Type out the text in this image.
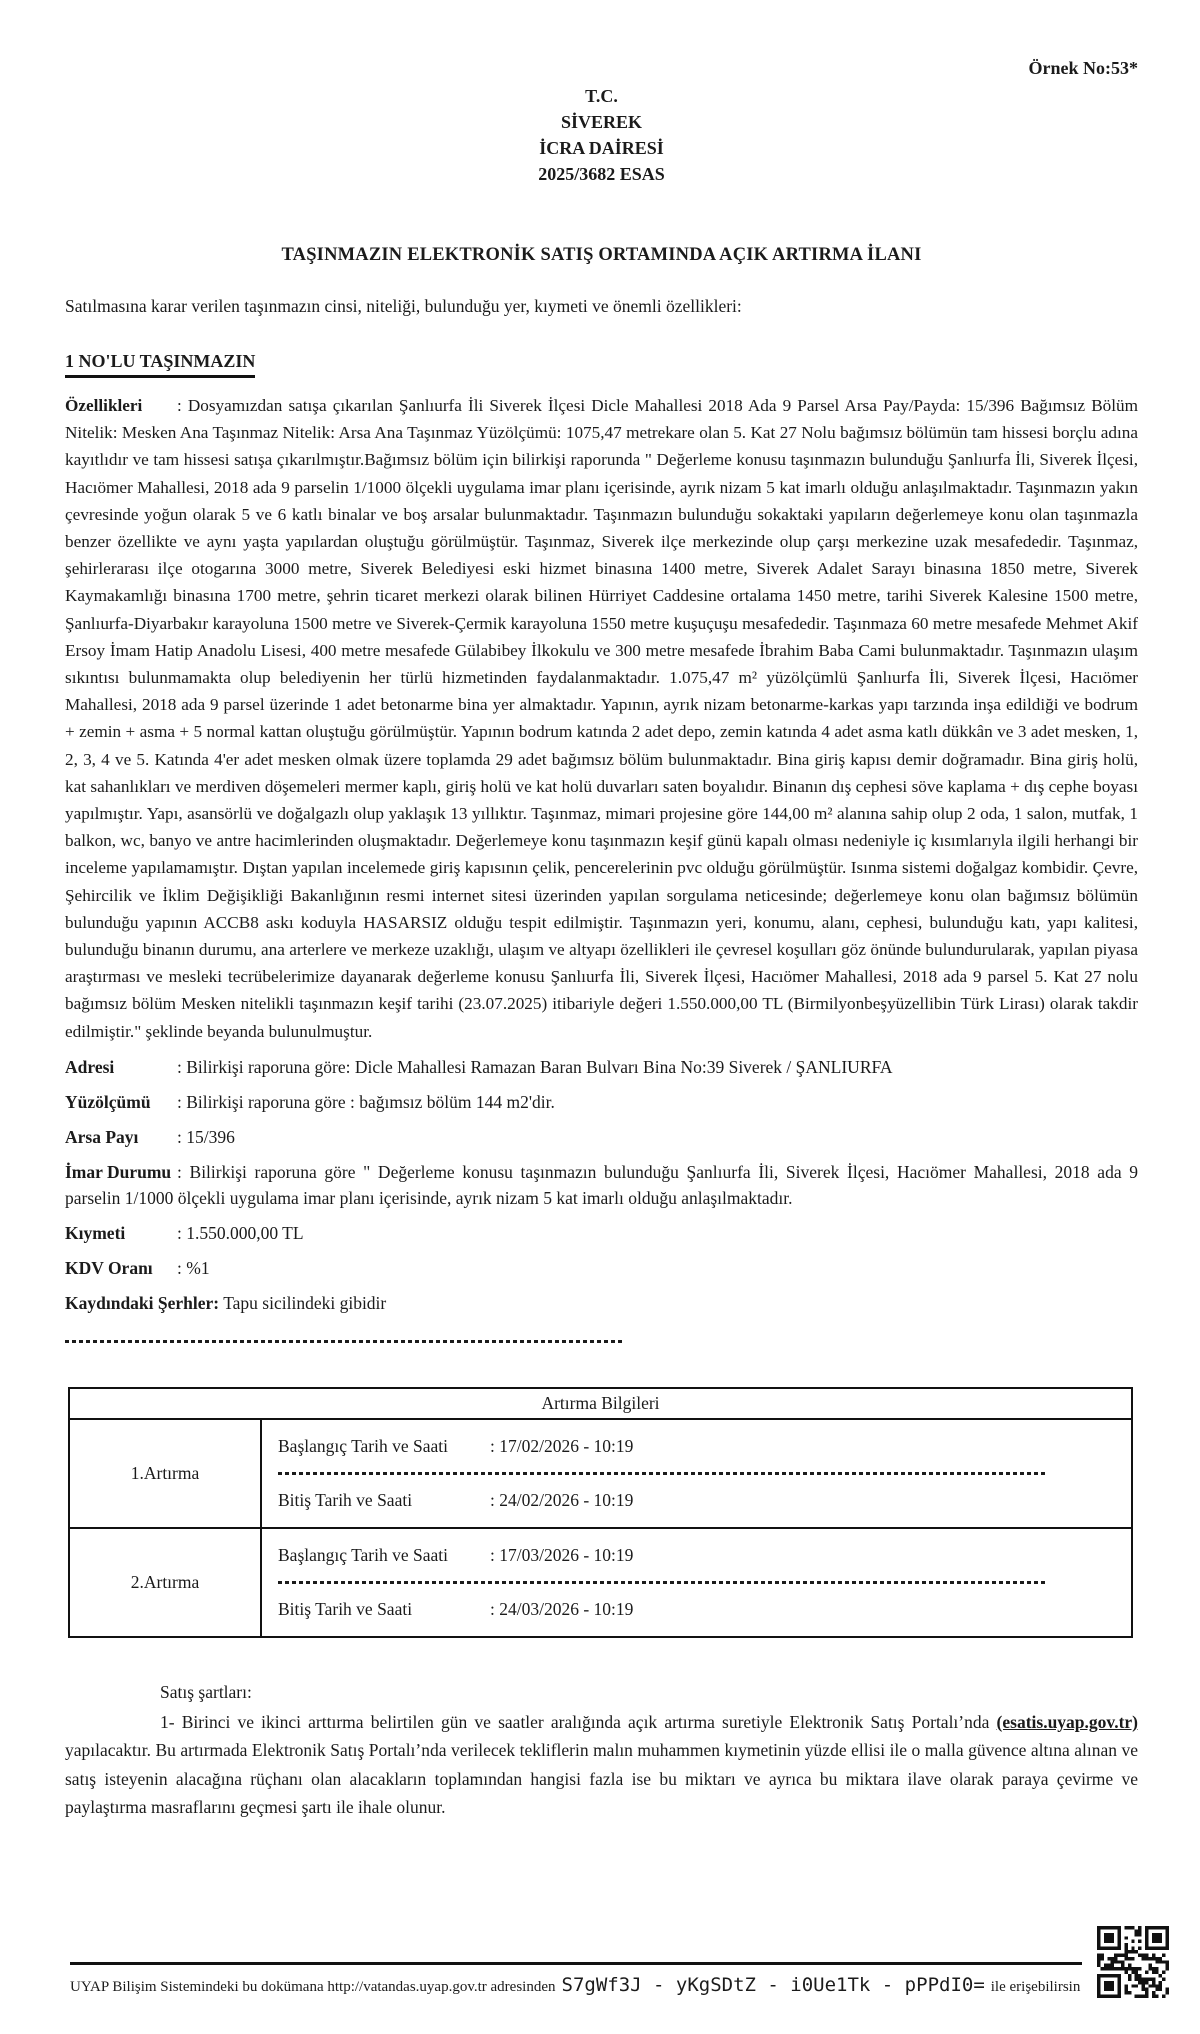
Örnek No:53*
T.C.
SİVEREK
İCRA DAİRESİ
2025/3682 ESAS
TAŞINMAZIN ELEKTRONİK SATIŞ ORTAMINDA AÇIK ARTIRMA İLANI

Satılmasına karar verilen taşınmazın cinsi, niteliği, bulunduğu yer, kıymeti ve önemli özellikleri:

1 NO'LU TAŞINMAZIN

Özellikleri : Dosyamızdan satışa çıkarılan Şanlıurfa İli Siverek İlçesi Dicle Mahallesi 2018 Ada 9 Parsel Arsa Pay/Payda: 15/396 Bağımsız Bölüm Nitelik: Mesken Ana Taşınmaz Nitelik: Arsa Ana Taşınmaz Yüzölçümü: 1075,47 metrekare olan 5. Kat 27 Nolu bağımsız bölümün tam hissesi borçlu adına kayıtlıdır ve tam hissesi satışa çıkarılmıştır.Bağımsız bölüm için bilirkişi raporunda " Değerleme konusu taşınmazın bulunduğu Şanlıurfa İli, Siverek İlçesi, Hacıömer Mahallesi, 2018 ada 9 parselin 1/1000 ölçekli uygulama imar planı içerisinde, ayrık nizam 5 kat imarlı olduğu anlaşılmaktadır. Taşınmazın yakın çevresinde yoğun olarak 5 ve 6 katlı binalar ve boş arsalar bulunmaktadır. Taşınmazın bulunduğu sokaktaki yapıların değerlemeye konu olan taşınmazla benzer özellikte ve aynı yaşta yapılardan oluştuğu görülmüştür. Taşınmaz, Siverek ilçe merkezinde olup çarşı merkezine uzak mesafededir. Taşınmaz, şehirlerarası ilçe otogarına 3000 metre, Siverek Belediyesi eski hizmet binasına 1400 metre, Siverek Adalet Sarayı binasına 1850 metre, Siverek Kaymakamlığı binasına 1700 metre, şehrin ticaret merkezi olarak bilinen Hürriyet Caddesine ortalama 1450 metre, tarihi Siverek Kalesine 1500 metre, Şanlıurfa-Diyarbakır karayoluna 1500 metre ve Siverek-Çermik karayoluna 1550 metre kuşuçuşu mesafededir. Taşınmaza 60 metre mesafede Mehmet Akif Ersoy İmam Hatip Anadolu Lisesi, 400 metre mesafede Gülabibey İlkokulu ve 300 metre mesafede İbrahim Baba Cami bulunmaktadır. Taşınmazın ulaşım sıkıntısı bulunmamakta olup belediyenin her türlü hizmetinden faydalanmaktadır. 1.075,47 m² yüzölçümlü Şanlıurfa İli, Siverek İlçesi, Hacıömer Mahallesi, 2018 ada 9 parsel üzerinde 1 adet betonarme bina yer almaktadır. Yapının, ayrık nizam betonarme-karkas yapı tarzında inşa edildiği ve bodrum + zemin + asma + 5 normal kattan oluştuğu görülmüştür. Yapının bodrum katında 2 adet depo, zemin katında 4 adet asma katlı dükkân ve 3 adet mesken, 1, 2, 3, 4 ve 5. Katında 4'er adet mesken olmak üzere toplamda 29 adet bağımsız bölüm bulunmaktadır. Bina giriş kapısı demir doğramadır. Bina giriş holü, kat sahanlıkları ve merdiven döşemeleri mermer kaplı, giriş holü ve kat holü duvarları saten boyalıdır. Binanın dış cephesi söve kaplama + dış cephe boyası yapılmıştır. Yapı, asansörlü ve doğalgazlı olup yaklaşık 13 yıllıktır. Taşınmaz, mimari projesine göre 144,00 m² alanına sahip olup 2 oda, 1 salon, mutfak, 1 balkon, wc, banyo ve antre hacimlerinden oluşmaktadır. Değerlemeye konu taşınmazın keşif günü kapalı olması nedeniyle iç kısımlarıyla ilgili herhangi bir inceleme yapılamamıştır. Dıştan yapılan incelemede giriş kapısının çelik, pencerelerinin pvc olduğu görülmüştür. Isınma sistemi doğalgaz kombidir. Çevre, Şehircilik ve İklim Değişikliği Bakanlığının resmi internet sitesi üzerinden yapılan sorgulama neticesinde; değerlemeye konu olan bağımsız bölümün bulunduğu yapının ACCB8 askı koduyla HASARSIZ olduğu tespit edilmiştir. Taşınmazın yeri, konumu, alanı, cephesi, bulunduğu katı, yapı kalitesi, bulunduğu binanın durumu, ana arterlere ve merkeze uzaklığı, ulaşım ve altyapı özellikleri ile çevresel koşulları göz önünde bulundurularak, yapılan piyasa araştırması ve mesleki tecrübelerimize dayanarak değerleme konusu Şanlıurfa İli, Siverek İlçesi, Hacıömer Mahallesi, 2018 ada 9 parsel 5. Kat 27 nolu bağımsız bölüm Mesken nitelikli taşınmazın keşif tarihi (23.07.2025) itibariyle değeri 1.550.000,00 TL (Birmilyonbeşyüzellibin Türk Lirası) olarak takdir edilmiştir." şeklinde beyanda bulunulmuştur.

Adresi	: Bilirkişi raporuna göre: Dicle Mahallesi Ramazan Baran Bulvarı Bina No:39 Siverek / ŞANLIURFA

Yüzölçümü : Bilirkişi raporuna göre : bağımsız bölüm 144 m2'dir.

Arsa Payı : 15/396

İmar Durumu : Bilirkişi raporuna göre " Değerleme konusu taşınmazın bulunduğu Şanlıurfa İli, Siverek İlçesi, Hacıömer Mahallesi, 2018 ada 9 parselin 1/1000 ölçekli uygulama imar planı içerisinde, ayrık nizam 5 kat imarlı olduğu anlaşılmaktadır.

Kıymeti	: 1.550.000,00 TL

KDV Oranı : %1

Kaydındaki Şerhler: Tapu sicilindeki gibidir

Artırma Bilgileri	
1.Artırma	Başlangıç Tarih ve Saati : 17/02/2026 - 10:19
Bitiş Tarih ve Saati : 24/02/2026 - 10:19

2.Artırma	Başlangıç Tarih ve Saati : 17/03/2026 - 10:19
Bitiş Tarih ve Saati : 24/03/2026 - 10:19

Satış şartları:

1- Birinci ve ikinci arttırma belirtilen gün ve saatler aralığında açık artırma suretiyle Elektronik Satış Portalı’nda (esatis.uyap.gov.tr) yapılacaktır. Bu artırmada Elektronik Satış Portalı’nda verilecek tekliflerin malın muhammen kıymetinin yüzde ellisi ile o malla güvence altına alınan ve satış isteyenin alacağına rüçhanı olan alacakların toplamından hangisi fazla ise bu miktarı ve ayrıca bu miktara ilave olarak paraya çevirme ve paylaştırma masraflarını geçmesi şartı ile ihale olunur.

UYAP Bilişim Sistemindeki bu dokümana http://vatandas.uyap.gov.tr adresinden S7gWf3J - yKgSDtZ - i0Ue1Tk - pPPdI0= ile erişebilirsin
